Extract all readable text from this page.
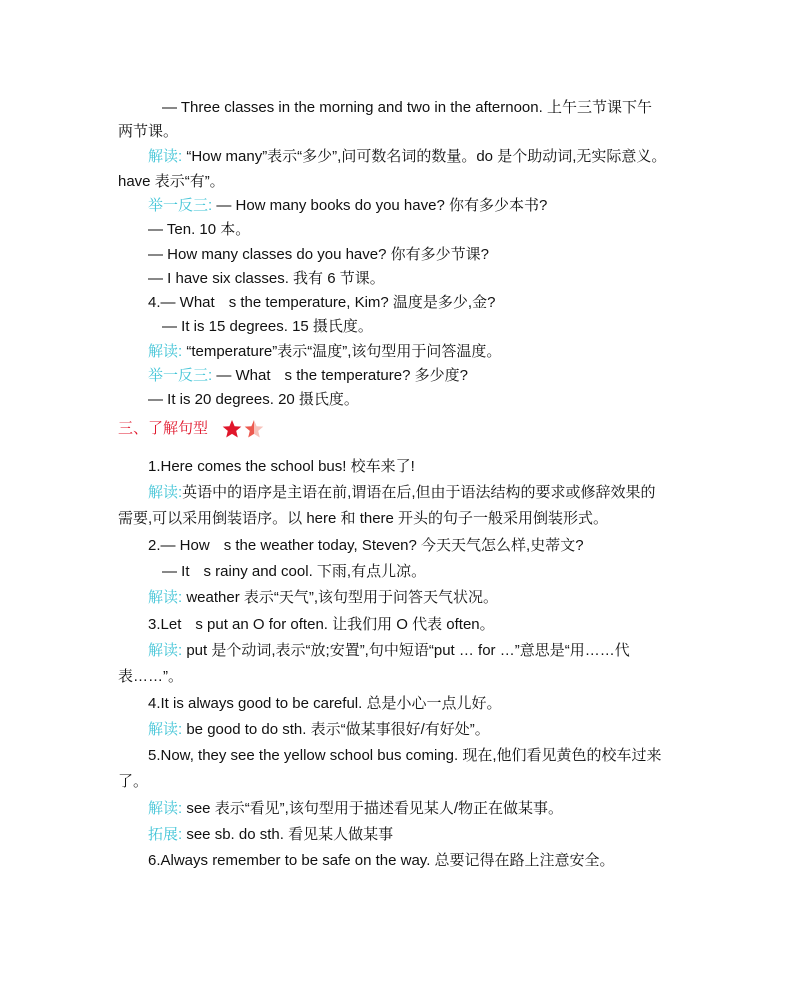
— Three classes in the morning and two in the afternoon. 上午三节课下午
两节课。
解读: “How many”表示“多少”,问可数名词的数量。do 是个助动词,无实际意义。
have 表示“有”。
举一反三: — How many books do you have? 你有多少本书?
— Ten. 10 本。
— How many classes do you have? 你有多少节课?
— I have six classes. 我有 6 节课。
4.— What s the temperature, Kim? 温度是多少,金?
— It is 15 degrees. 15 摄氏度。
解读: “temperature”表示“温度”,该句型用于问答温度。
举一反三: — What s the temperature? 多少度?
— It is 20 degrees. 20 摄氏度。
三、了解句型
1.Here comes the school bus! 校车来了!
解读:英语中的语序是主语在前,谓语在后,但由于语法结构的要求或修辞效果的
需要,可以采用倒装语序。以 here 和 there 开头的句子一般采用倒装形式。
2.— How s the weather today, Steven? 今天天气怎么样,史蒂文?
— It s rainy and cool. 下雨,有点儿凉。
解读: weather 表示“天气”,该句型用于问答天气状况。
3.Let s put an O for often. 让我们用 O 代表 often。
解读: put 是个动词,表示“放;安置”,句中短语“put … for …”意思是“用……代
表……”。
4.It is always good to be careful. 总是小心一点儿好。
解读: be good to do sth. 表示“做某事很好/有好处”。
5.Now, they see the yellow school bus coming. 现在,他们看见黄色的校车过来
了。
解读: see 表示“看见”,该句型用于描述看见某人/物正在做某事。
拓展: see sb. do sth. 看见某人做某事
6.Always remember to be safe on the way. 总要记得在路上注意安全。
